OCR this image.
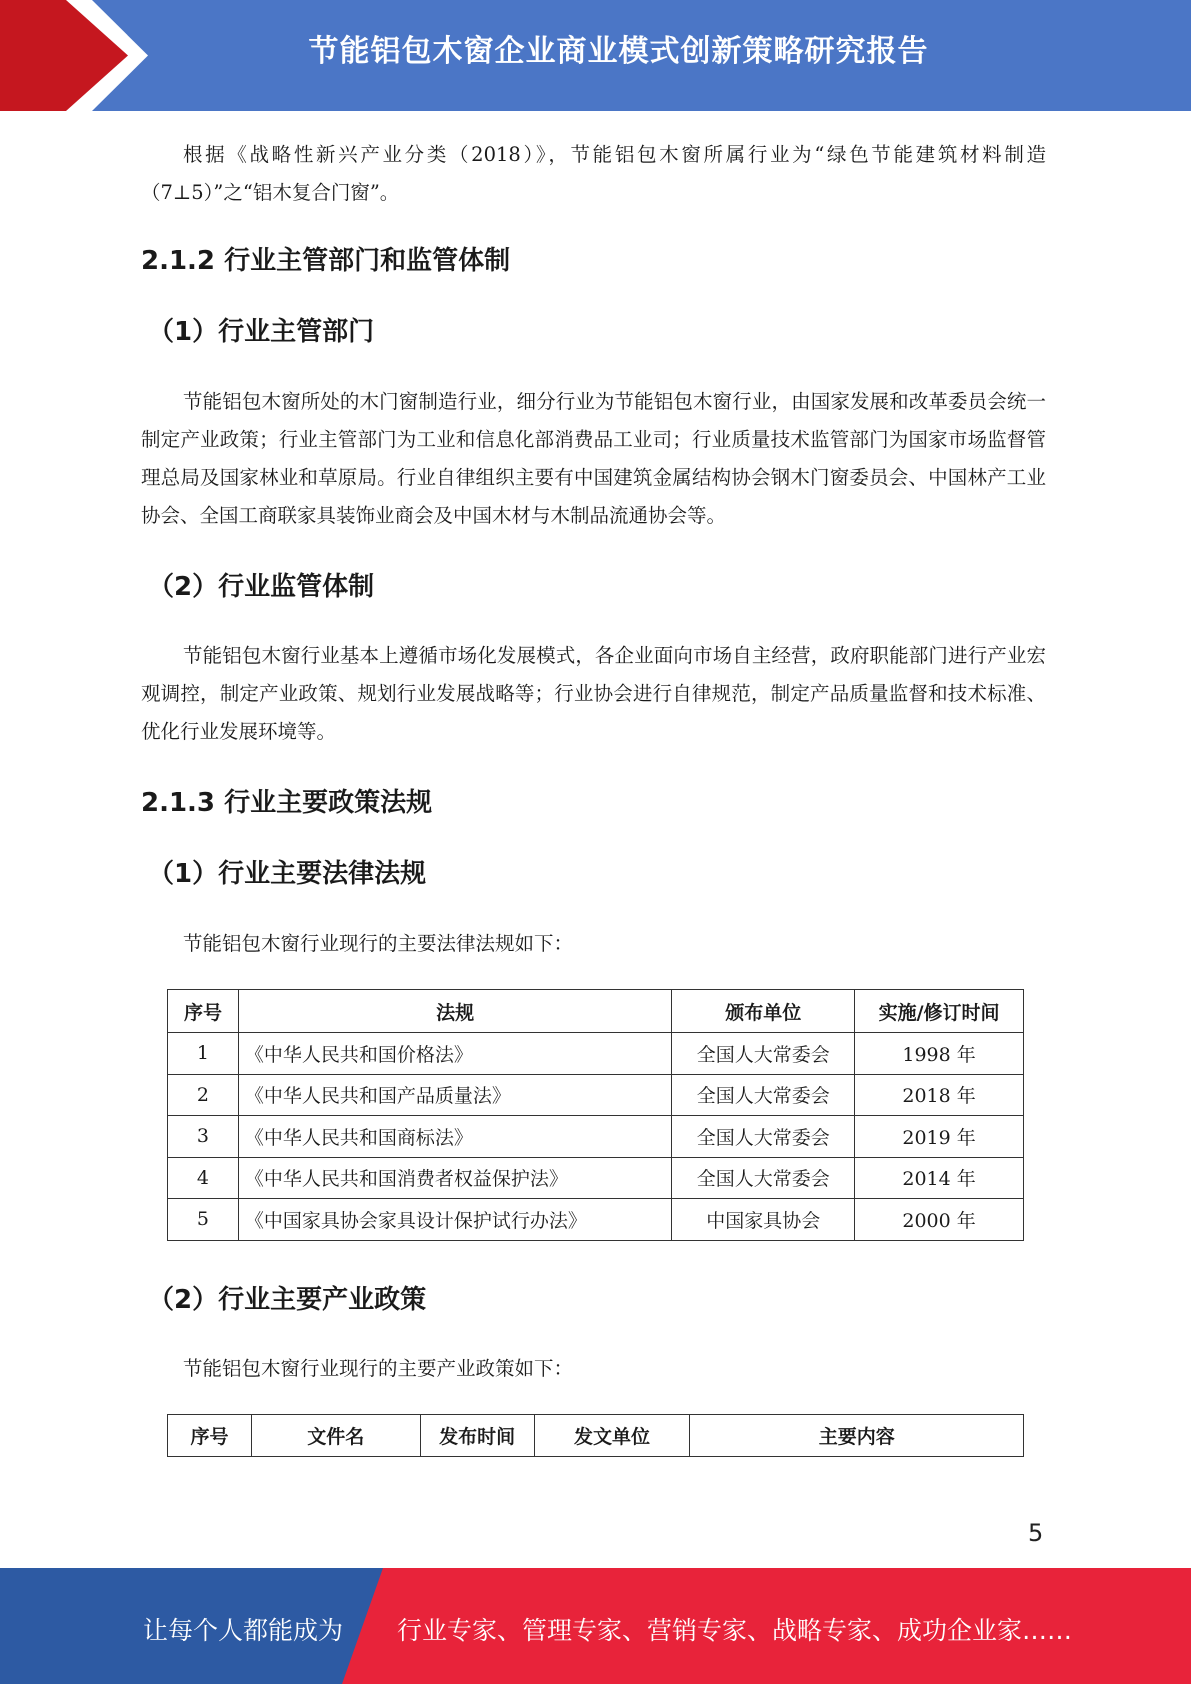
节能铝包木窗企业商业模式创新策略研究报告

根据《战略性新兴产业分类（2018）》，节能铝包木窗所属行业为“绿色节能建筑材料制造（7⊥5）”之“铝木复合门窗”。

2.1.2 行业主管部门和监管体制
（1）行业主管部门

节能铝包木窗所处的木门窗制造行业，细分行业为节能铝包木窗行业，由国家发展和改革委员会统一制定产业政策；行业主管部门为工业和信息化部消费品工业司；行业质量技术监管部门为国家市场监督管理总局及国家林业和草原局。行业自律组织主要有中国建筑金属结构协会钢木门窗委员会、中国林产工业协会、全国工商联家具装饰业商会及中国木材与木制品流通协会等。

（2）行业监管体制

节能铝包木窗行业基本上遵循市场化发展模式，各企业面向市场自主经营，政府职能部门进行产业宏观调控，制定产业政策、规划行业发展战略等；行业协会进行自律规范，制定产品质量监督和技术标准、优化行业发展环境等。

2.1.3 行业主要政策法规
（1）行业主要法律法规

节能铝包木窗行业现行的主要法律法规如下：

序号	法规	颁布单位	实施/修订时间
1	《中华人民共和国价格法》	全国人大常委会	1998 年
2	《中华人民共和国产品质量法》	全国人大常委会	2018 年
3	《中华人民共和国商标法》	全国人大常委会	2019 年
4	《中华人民共和国消费者权益保护法》	全国人大常委会	2014 年
5	《中国家具协会家具设计保护试行办法》	中国家具协会	2000 年
（2）行业主要产业政策

节能铝包木窗行业现行的主要产业政策如下：

序号	文件名	发布时间	发文单位	主要内容
5
让每个人都能成为 行业专家、管理专家、营销专家、战略专家、成功企业家……
